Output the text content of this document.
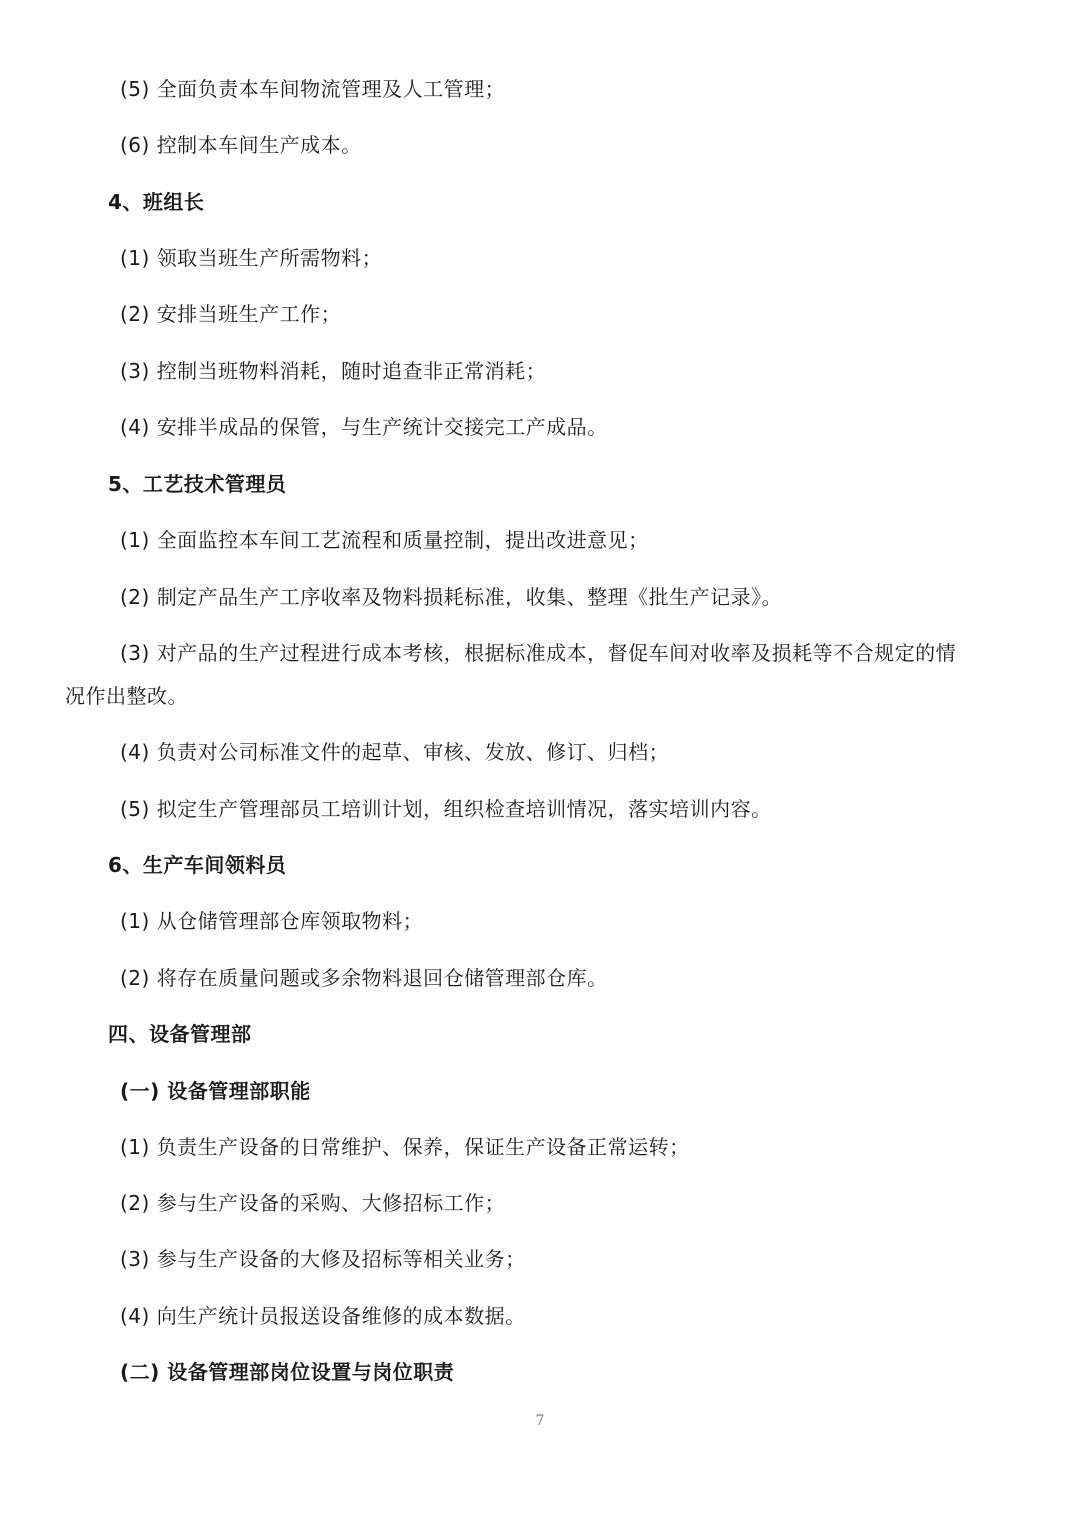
(5) 全面负责本车间物流管理及人工管理；
(6) 控制本车间生产成本。
4、班组长
(1) 领取当班生产所需物料；
(2) 安排当班生产工作；
(3) 控制当班物料消耗，随时追查非正常消耗；
(4) 安排半成品的保管，与生产统计交接完工产成品。
5、工艺技术管理员
(1) 全面监控本车间工艺流程和质量控制，提出改进意见；
(2) 制定产品生产工序收率及物料损耗标准，收集、整理《批生产记录》。
(3) 对产品的生产过程进行成本考核，根据标准成本，督促车间对收率及损耗等不合规定的情
况作出整改。
(4) 负责对公司标准文件的起草、审核、发放、修订、归档；
(5) 拟定生产管理部员工培训计划，组织检查培训情况，落实培训内容。
6、生产车间领料员
(1) 从仓储管理部仓库领取物料；
(2) 将存在质量问题或多余物料退回仓储管理部仓库。
四、设备管理部
(一) 设备管理部职能
(1) 负责生产设备的日常维护、保养，保证生产设备正常运转；
(2) 参与生产设备的采购、大修招标工作；
(3) 参与生产设备的大修及招标等相关业务；
(4) 向生产统计员报送设备维修的成本数据。
(二) 设备管理部岗位设置与岗位职责
7
